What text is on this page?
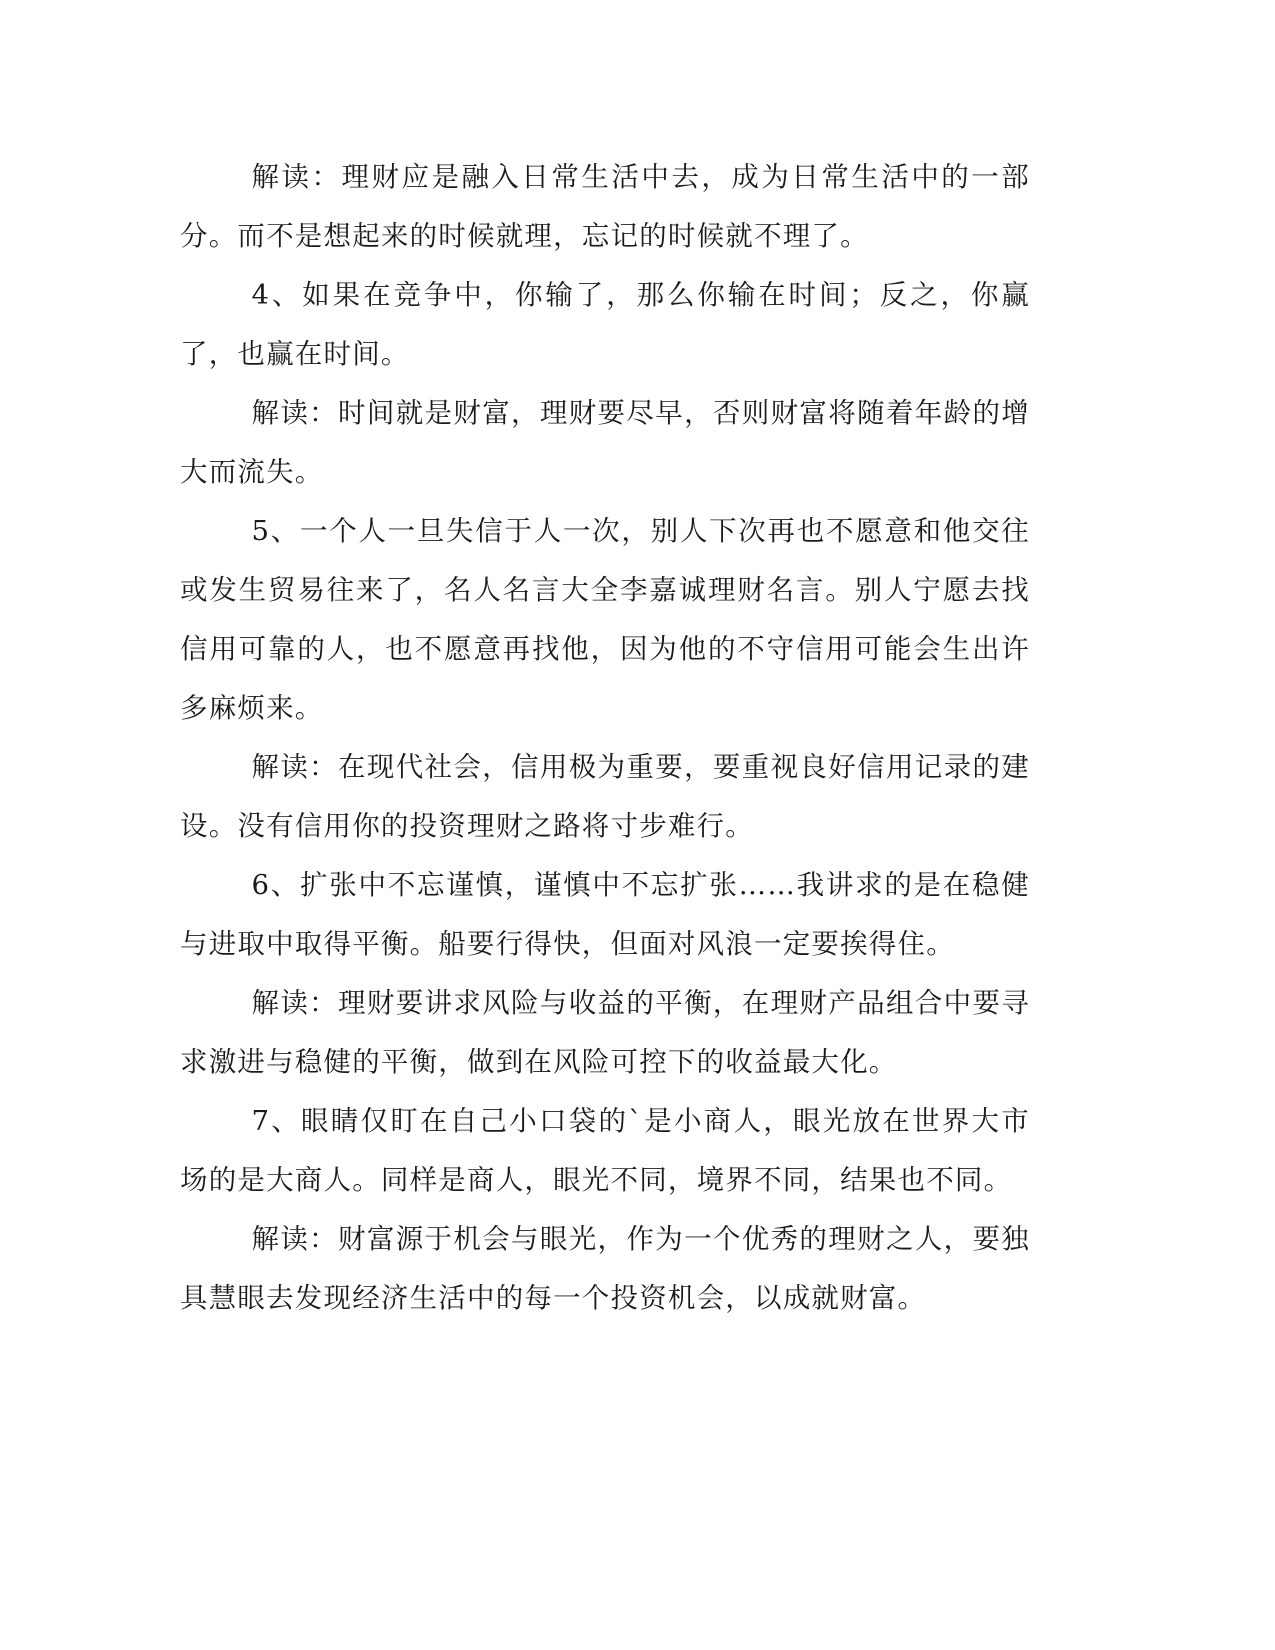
解读：理财应是融入日常生活中去，成为日常生活中的一部分。而不是想起来的时候就理，忘记的时候就不理了。

4、如果在竞争中，你输了，那么你输在时间；反之，你赢了，也赢在时间。

解读：时间就是财富，理财要尽早，否则财富将随着年龄的增大而流失。

5、一个人一旦失信于人一次，别人下次再也不愿意和他交往或发生贸易往来了，名人名言大全李嘉诚理财名言。别人宁愿去找信用可靠的人，也不愿意再找他，因为他的不守信用可能会生出许多麻烦来。

解读：在现代社会，信用极为重要，要重视良好信用记录的建设。没有信用你的投资理财之路将寸步难行。

6、扩张中不忘谨慎，谨慎中不忘扩张……我讲求的是在稳健与进取中取得平衡。船要行得快，但面对风浪一定要挨得住。

解读：理财要讲求风险与收益的平衡，在理财产品组合中要寻求激进与稳健的平衡，做到在风险可控下的收益最大化。

7、眼睛仅盯在自己小口袋的`是小商人，眼光放在世界大市场的是大商人。同样是商人，眼光不同，境界不同，结果也不同。

解读：财富源于机会与眼光，作为一个优秀的理财之人，要独具慧眼去发现经济生活中的每一个投资机会，以成就财富。
